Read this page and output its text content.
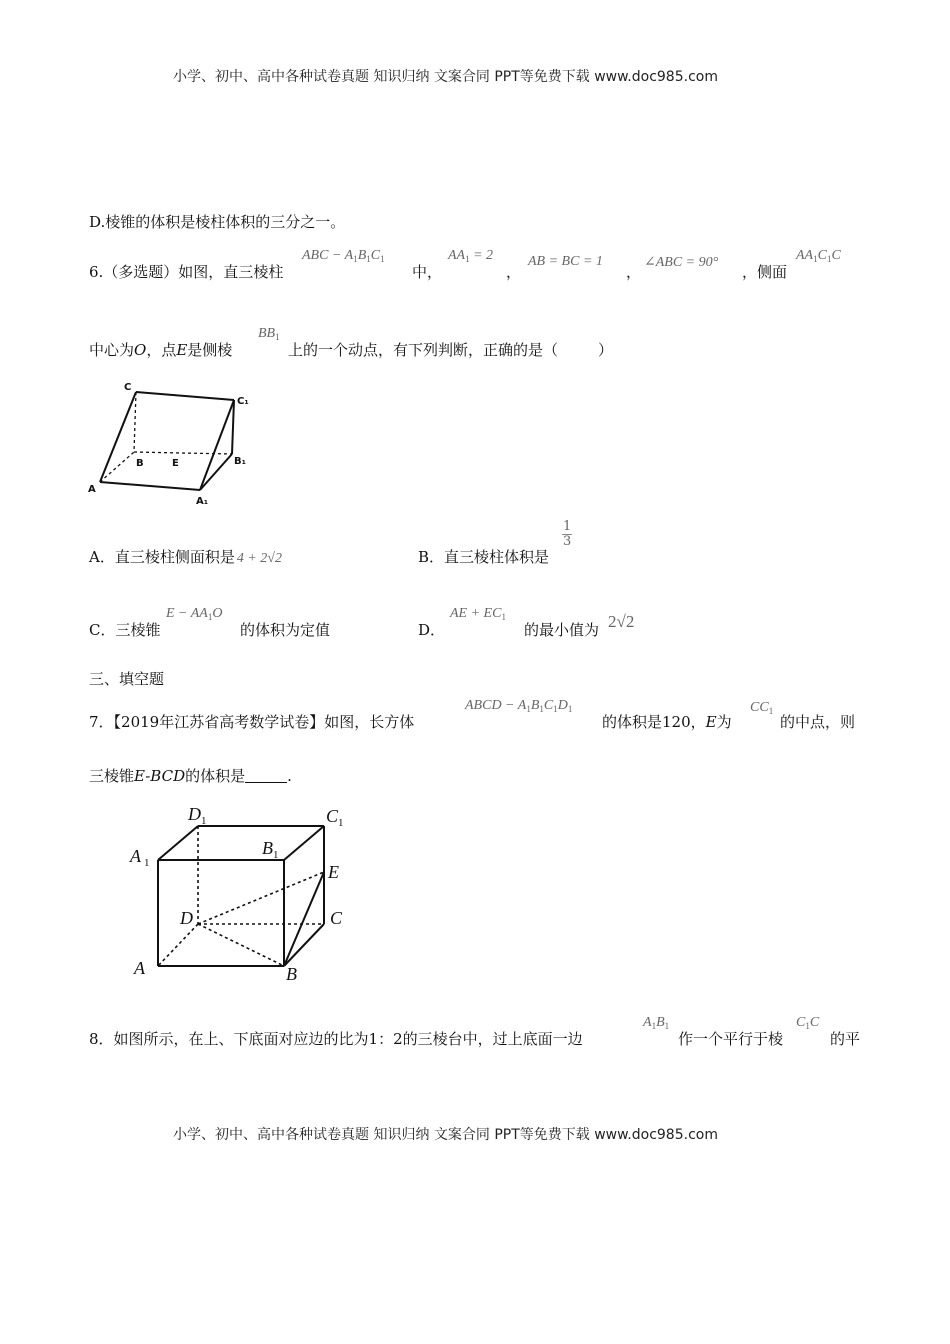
小学、初中、高中各种试卷真题 知识归纳 文案合同 PPT等免费下载 www.doc985.com
D.棱锥的体积是棱柱体积的三分之一。
6.（多选题）如图，直三棱柱
ABC − $A_1B_1C_1$
中，
$AA_1 = 2$
，
AB = BC = 1
，
∠ABC = 90°
，侧面
$AA_1C_1C$
中心为O，点E是侧棱
$BB_1$
上的一个动点，有下列判断，正确的是（	）
C
C₁
B	E	B₁
A
A₁
A．直三棱柱侧面积是 4 + 2√2	B．直三棱柱体积是
$\frac{1}{3}$
C．三棱锥
$E - AA_1O$
的体积为定值	D．
AE + $EC_1$
的最小值为 2√2
三、填空题
7．【2019年江苏省高考数学试卷】如图，长方体
ABCD − $A_1B_1C_1D_1$
的体积是120，E为
$CC_1$
的中点，则
三棱锥E-BCD的体积是	.
$D_1$	$C_1$
A $_1$
$B_1$
E
D	C
A	B
8．如图所示，在上、下底面对应边的比为1：2的三棱台中，过上底面一边
$A_1B_1$
作一个平行于棱
$C_1C$
的平
小学、初中、高中各种试卷真题 知识归纳 文案合同 PPT等免费下载 www.doc985.com
